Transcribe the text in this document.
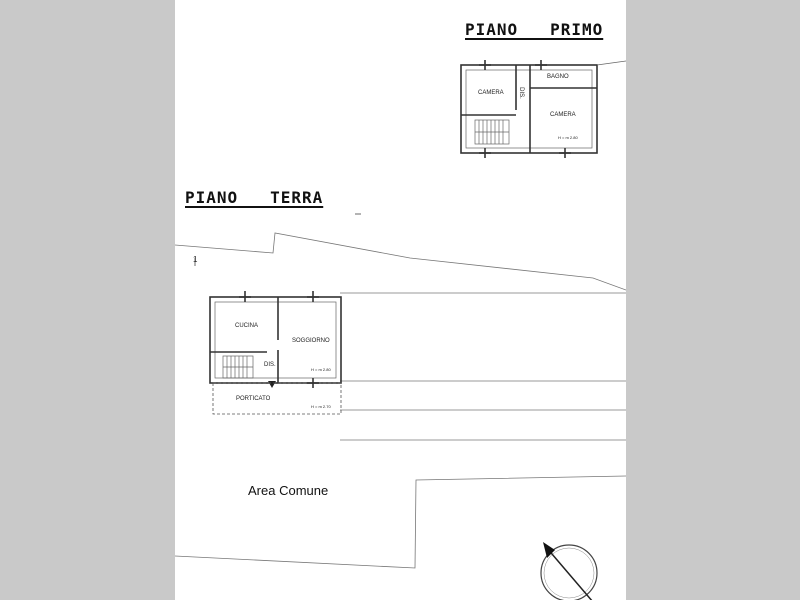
PIANO   PRIMO
PIANO   TERRA
CAMERA
BAGNO
DIS.
CAMERA
H = m 2.80
CUCINA
SOGGIORNO
DIS.
PORTICATO
H = m 2.80
H = m 2.70
Area Comune
1
